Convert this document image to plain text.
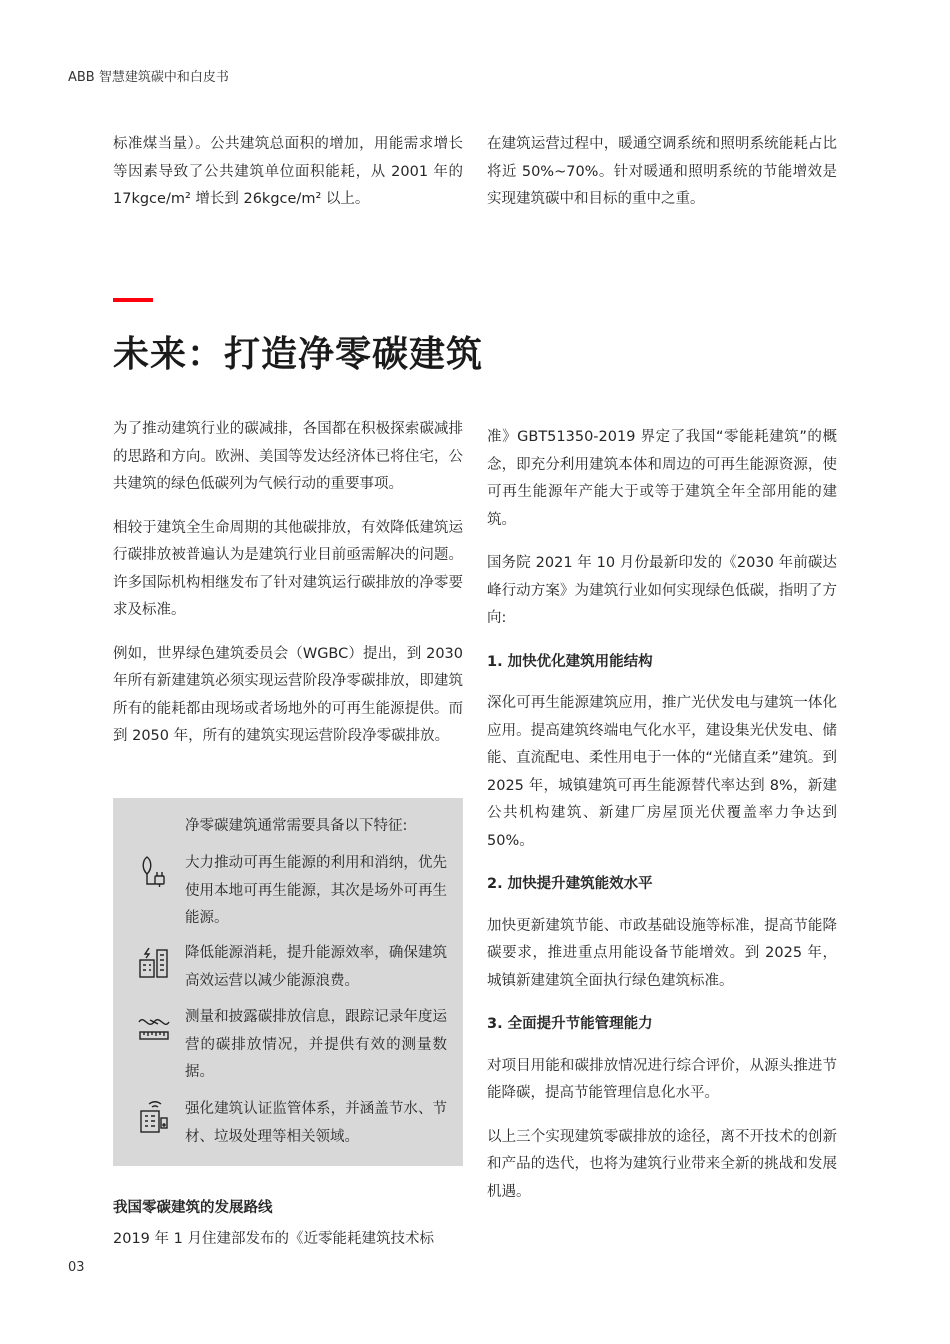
ABB 智慧建筑碳中和白皮书
标准煤当量）。公共建筑总面积的增加，用能需求增长等因素导致了公共建筑单位面积能耗，从 2001 年的 17kgce/m² 增长到 26kgce/m² 以上。
在建筑运营过程中，暖通空调系统和照明系统能耗占比将近 50%~70%。针对暖通和照明系统的节能增效是实现建筑碳中和目标的重中之重。
未来：打造净零碳建筑

为了推动建筑行业的碳减排，各国都在积极探索碳减排的思路和方向。欧洲、美国等发达经济体已将住宅，公共建筑的绿色低碳列为气候行动的重要事项。

相较于建筑全生命周期的其他碳排放，有效降低建筑运行碳排放被普遍认为是建筑行业目前亟需解决的问题。许多国际机构相继发布了针对建筑运行碳排放的净零要求及标准。

例如，世界绿色建筑委员会（WGBC）提出，到 2030 年所有新建建筑必须实现运营阶段净零碳排放，即建筑所有的能耗都由现场或者场地外的可再生能源提供。而到 2050 年，所有的建筑实现运营阶段净零碳排放。

净零碳建筑通常需要具备以下特征:
大力推动可再生能源的利用和消纳，优先使用本地可再生能源，其次是场外可再生能源。
降低能源消耗，提升能源效率，确保建筑高效运营以减少能源浪费。
测量和披露碳排放信息，跟踪记录年度运营的碳排放情况，并提供有效的测量数据。
强化建筑认证监管体系，并涵盖节水、节材、垃圾处理等相关领域。
我国零碳建筑的发展路线
2019 年 1 月住建部发布的《近零能耗建筑技术标

准》GBT51350-2019 界定了我国“零能耗建筑”的概念，即充分利用建筑本体和周边的可再生能源资源，使可再生能源年产能大于或等于建筑全年全部用能的建筑。

国务院 2021 年 10 月份最新印发的《2030 年前碳达峰行动方案》为建筑行业如何实现绿色低碳，指明了方向:

1. 加快优化建筑用能结构

深化可再生能源建筑应用，推广光伏发电与建筑一体化应用。提高建筑终端电气化水平，建设集光伏发电、储能、直流配电、柔性用电于一体的“光储直柔”建筑。到 2025 年，城镇建筑可再生能源替代率达到 8%，新建公共机构建筑、新建厂房屋顶光伏覆盖率力争达到 50%。

2. 加快提升建筑能效水平

加快更新建筑节能、市政基础设施等标准，提高节能降碳要求，推进重点用能设备节能增效。到 2025 年，城镇新建建筑全面执行绿色建筑标准。

3. 全面提升节能管理能力

对项目用能和碳排放情况进行综合评价，从源头推进节能降碳，提高节能管理信息化水平。

以上三个实现建筑零碳排放的途径，离不开技术的创新和产品的迭代，也将为建筑行业带来全新的挑战和发展机遇。

03
